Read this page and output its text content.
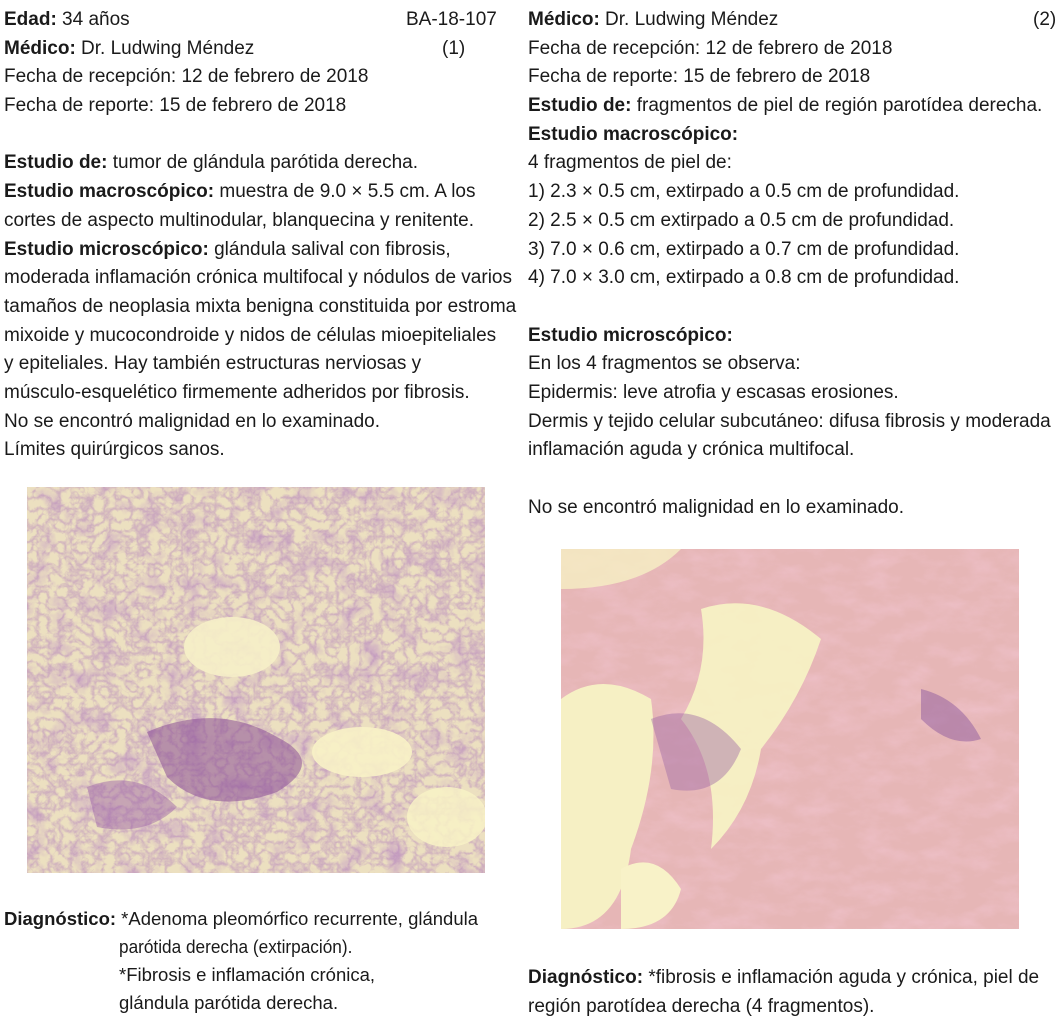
Edad: 34 años	BA-18-107
Médico: Dr. Ludwing Méndez	(1)
Fecha de recepción: 12 de febrero de 2018
Fecha de reporte: 15 de febrero de 2018
Estudio de: tumor de glándula parótida derecha.
Estudio macroscópico: muestra de 9.0 × 5.5 cm. A los
cortes de aspecto multinodular, blanquecina y renitente.
Estudio microscópico: glándula salival con fibrosis,
moderada inflamación crónica multifocal y nódulos de varios
tamaños de neoplasia mixta benigna constituida por estroma
mixoide y mucocondroide y nidos de células mioepiteliales
y epiteliales. Hay también estructuras nerviosas y
músculo-esquelético firmemente adheridos por fibrosis.
No se encontró malignidad en lo examinado.
Límites quirúrgicos sanos.
Diagnóstico: *Adenoma pleomórfico recurrente, glándula
parótida derecha (extirpación).
*Fibrosis e inflamación crónica,
glándula parótida derecha.
Médico: Dr. Ludwing Méndez	(2)
Fecha de recepción: 12 de febrero de 2018
Fecha de reporte: 15 de febrero de 2018
Estudio de: fragmentos de piel de región parotídea derecha.
Estudio macroscópico:
4 fragmentos de piel de:
1) 2.3 × 0.5 cm, extirpado a 0.5 cm de profundidad.
2) 2.5 × 0.5 cm extirpado a 0.5 cm de profundidad.
3) 7.0 × 0.6 cm, extirpado a 0.7 cm de profundidad.
4) 7.0 × 3.0 cm, extirpado a 0.8 cm de profundidad.
Estudio microscópico:
En los 4 fragmentos se observa:
Epidermis: leve atrofia y escasas erosiones.
Dermis y tejido celular subcutáneo: difusa fibrosis y moderada
inflamación aguda y crónica multifocal.
No se encontró malignidad en lo examinado.
Diagnóstico: *fibrosis e inflamación aguda y crónica, piel de
región parotídea derecha (4 fragmentos).
